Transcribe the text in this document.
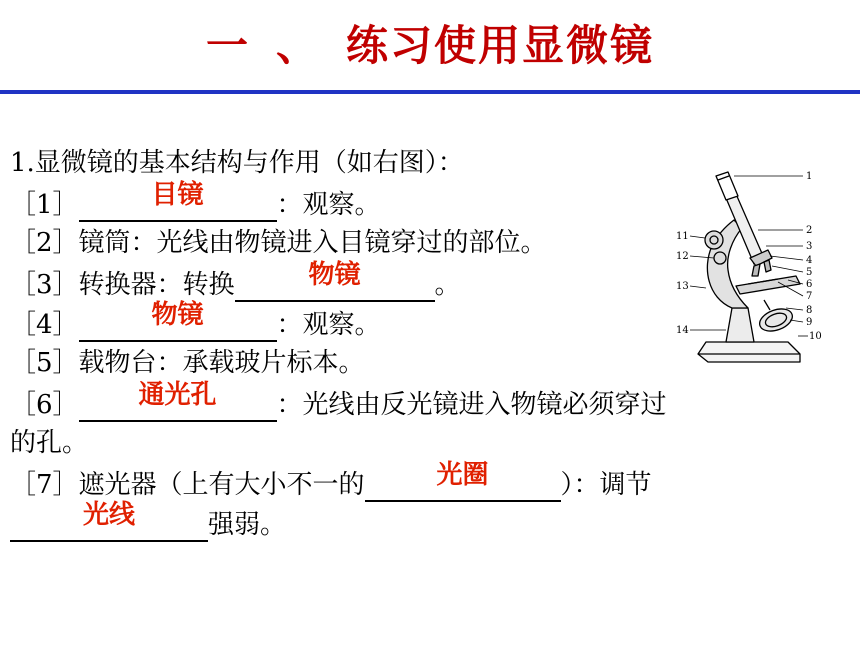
一 、 练习使用显微镜
1.显微镜的基本结构与作用（如右图）：
［1］	目镜	：观察。
［2］镜筒：光线由物镜进入目镜穿过的部位。
［3］转换器：转换	物镜	。
［4］	物镜	：观察。
［5］载物台：承载玻片标本。
［6］	通光孔	：光线由反光镜进入物镜必须穿过
的孔。
［7］遮光器（上有大小不一的	光圈	）：调节
光线	强弱。
1
2
3
4
5
6
7
8
9
10
11
12
13
14
